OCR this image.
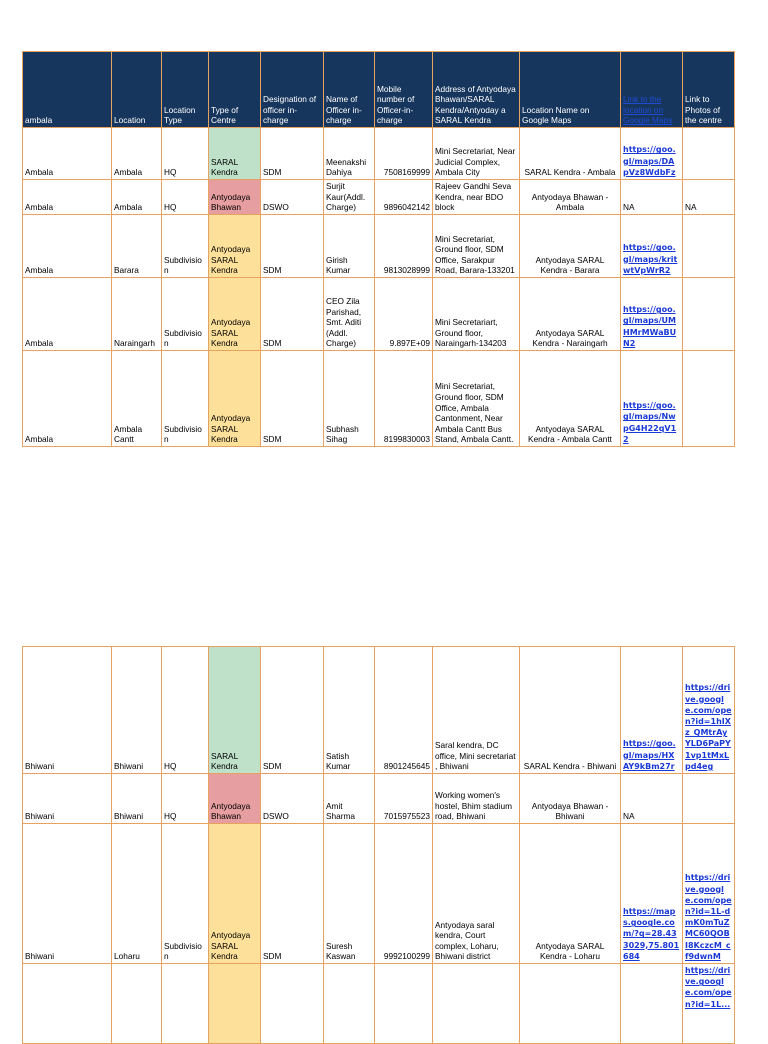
ambala	Location	Location Type	Type of Centre	Designation of officer in-charge	Name of Officer in-charge	Mobile number of Officer-in-charge	Address of Antyodaya Bhawan/SARAL Kendra/Antyoday a SARAL Kendra	Location Name on Google Maps	Link to the location on Google Maps	Link to Photos of the centre
Ambala	Ambala	HQ	SARAL Kendra	SDM	Meenakshi Dahiya	7508169999	Mini Secretariat, Near Judicial Complex, Ambala City	SARAL Kendra - Ambala	https://goo.gl/maps/DApVz8WdbFz	
Ambala	Ambala	HQ	Antyodaya Bhawan	DSWO	Surjit Kaur(Addl. Charge)	9896042142	Rajeev Gandhi Seva Kendra, near BDO block	Antyodaya Bhawan - Ambala	NA	NA
Ambala	Barara	Subdivision	Antyodaya SARAL Kendra	SDM	Girish Kumar	9813028999	Mini Secretariat, Ground floor, SDM Office, Sarakpur Road, Barara-133201	Antyodaya SARAL Kendra - Barara	https://goo.gl/maps/kritwtVpWrR2	
Ambala	Naraingarh	Subdivision	Antyodaya SARAL Kendra	SDM	CEO Zila Parishad, Smt. Aditi (Addl. Charge)	9.897E+09	Mini Secretariart, Ground floor, Naraingarh-134203	Antyodaya SARAL Kendra - Naraingarh	https://goo.gl/maps/UMHMrMWaBUN2	
Ambala	Ambala Cantt	Subdivision	Antyodaya SARAL Kendra	SDM	Subhash Sihag	8199830003	Mini Secretariat, Ground floor, SDM Office, Ambala Cantonment, Near Ambala Cantt Bus Stand, Ambala Cantt.	Antyodaya SARAL Kendra - Ambala Cantt	https://goo.gl/maps/NwpG4H22qV12	
Bhiwani	Bhiwani	HQ	SARAL Kendra	SDM	Satish Kumar	8901245645	Saral kendra, DC office, Mini secretariat , Bhiwani	SARAL Kendra - Bhiwani	https://goo.gl/maps/HXAY9kBm27r	https://drive.google.com/open?id=1hIXz_QMtrAyYLD6PaPY1vp1tMxLpd4eg
Bhiwani	Bhiwani	HQ	Antyodaya Bhawan	DSWO	Amit Sharma	7015975523	Working women's hostel, Bhim stadium road, Bhiwani	Antyodaya Bhawan - Bhiwani	NA	
Bhiwani	Loharu	Subdivision	Antyodaya SARAL Kendra	SDM	Suresh Kaswan	9992100299	Antyodaya saral kendra, Court complex, Loharu, Bhiwani district	Antyodaya SARAL Kendra - Loharu	https://maps.google.com/?q=28.433029,75.801684	https://drive.google.com/open?id=1L-dmK0mTuZMC60QOBI8KczcM_cf9dwnM
										https://drive.google.com/open?id=1L...
